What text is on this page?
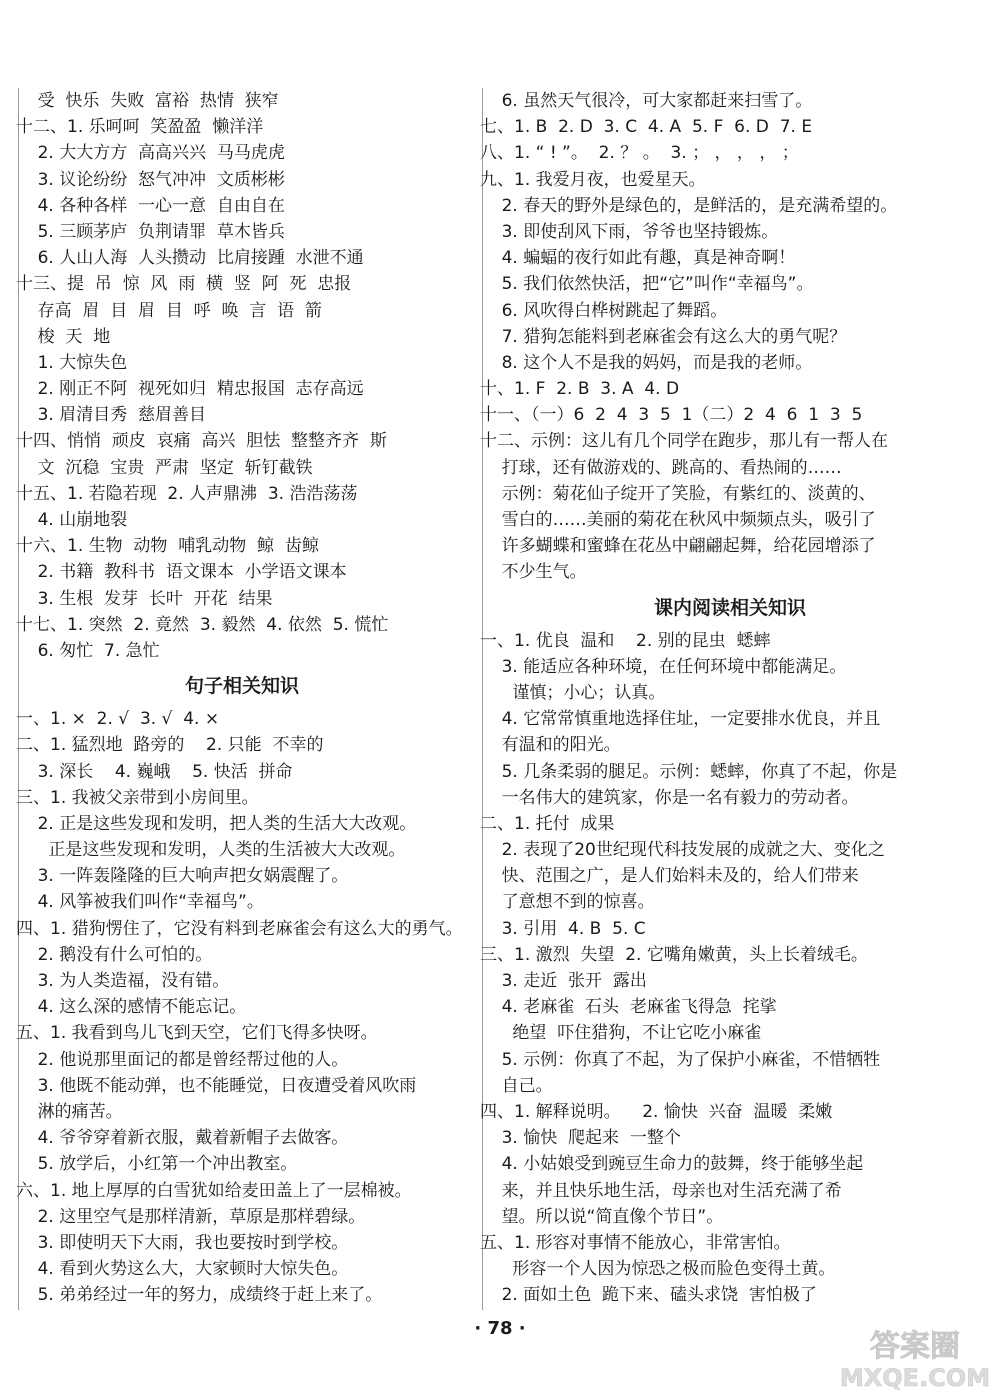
受  快乐  失败  富裕  热情  狭窄
十二、1. 乐呵呵  笑盈盈  懒洋洋
2. 大大方方  高高兴兴  马马虎虎
3. 议论纷纷  怒气冲冲  文质彬彬
4. 各种各样  一心一意  自由自在
5. 三顾茅庐  负荆请罪  草木皆兵
6. 人山人海  人头攒动  比肩接踵  水泄不通
十三、提  吊  惊  风  雨  横  竖  阿  死  忠报
存高  眉  目  眉  目  呼  唤  言  语  箭
梭  天  地
1. 大惊失色
2. 刚正不阿  视死如归  精忠报国  志存高远
3. 眉清目秀  慈眉善目
十四、悄悄  顽皮  哀痛  高兴  胆怯  整整齐齐  斯
文  沉稳  宝贵  严肃  坚定  斩钉截铁
十五、1. 若隐若现  2. 人声鼎沸  3. 浩浩荡荡
4. 山崩地裂
十六、1. 生物  动物  哺乳动物  鲸  齿鲸
2. 书籍  教科书  语文课本  小学语文课本
3. 生根  发芽  长叶  开花  结果
十七、1. 突然  2. 竟然  3. 毅然  4. 依然  5. 慌忙
6. 匆忙  7. 急忙
句子相关知识
一、1. ×  2. √  3. √  4. ×
二、1. 猛烈地  路旁的    2. 只能  不幸的
3. 深长    4. 巍峨    5. 快活  拼命
三、1. 我被父亲带到小房间里。
2. 正是这些发现和发明，把人类的生活大大改观。
正是这些发现和发明，人类的生活被大大改观。
3. 一阵轰隆隆的巨大响声把女娲震醒了。
4. 风筝被我们叫作“幸福鸟”。
四、1. 猎狗愣住了，它没有料到老麻雀会有这么大的勇气。
2. 鹅没有什么可怕的。
3. 为人类造福，没有错。
4. 这么深的感情不能忘记。
五、1. 我看到鸟儿飞到天空，它们飞得多快呀。
2. 他说那里面记的都是曾经帮过他的人。
3. 他既不能动弹，也不能睡觉，日夜遭受着风吹雨
淋的痛苦。
4. 爷爷穿着新衣服，戴着新帽子去做客。
5. 放学后，小红第一个冲出教室。
六、1. 地上厚厚的白雪犹如给麦田盖上了一层棉被。
2. 这里空气是那样清新，草原是那样碧绿。
3. 即使明天下大雨，我也要按时到学校。
4. 看到火势这么大，大家顿时大惊失色。
5. 弟弟经过一年的努力，成绩终于赶上来了。
6. 虽然天气很冷，可大家都赶来扫雪了。
七、1. B  2. D  3. C  4. A  5. F  6. D  7. E
八、1. “ ! ”。  2. ？ 。  3. ； ， ， ， ；
九、1. 我爱月夜，也爱星天。
2. 春天的野外是绿色的，是鲜活的，是充满希望的。
3. 即使刮风下雨，爷爷也坚持锻炼。
4. 蝙蝠的夜行如此有趣，真是神奇啊！
5. 我们依然快活，把“它”叫作“幸福鸟”。
6. 风吹得白桦树跳起了舞蹈。
7. 猎狗怎能料到老麻雀会有这么大的勇气呢？
8. 这个人不是我的妈妈，而是我的老师。
十、1. F  2. B  3. A  4. D
十一、（一）6  2  4  3  5  1（二）2  4  6  1  3  5
十二、示例：这儿有几个同学在跑步，那儿有一帮人在
打球，还有做游戏的、跳高的、看热闹的……
示例：菊花仙子绽开了笑脸，有紫红的、淡黄的、
雪白的……美丽的菊花在秋风中频频点头，吸引了
许多蝴蝶和蜜蜂在花丛中翩翩起舞，给花园增添了
不少生气。
课内阅读相关知识
一、1. 优良  温和    2. 别的昆虫  蟋蟀
3. 能适应各种环境，在任何环境中都能满足。
谨慎；小心；认真。
4. 它常常慎重地选择住址，一定要排水优良，并且
有温和的阳光。
5. 几条柔弱的腿足。示例：蟋蟀，你真了不起，你是
一名伟大的建筑家，你是一名有毅力的劳动者。
二、1. 托付  成果
2. 表现了20世纪现代科技发展的成就之大、变化之
快、范围之广，是人们始料未及的，给人们带来
了意想不到的惊喜。
3. 引用  4. B  5. C
三、1. 激烈  失望  2. 它嘴角嫩黄，头上长着绒毛。
3. 走近  张开  露出
4. 老麻雀  石头  老麻雀飞得急  挓挲
绝望  吓住猎狗，不让它吃小麻雀
5. 示例：你真了不起，为了保护小麻雀，不惜牺牲
自己。
四、1. 解释说明。    2. 愉快  兴奋  温暖  柔嫩
3. 愉快  爬起来  一整个
4. 小姑娘受到豌豆生命力的鼓舞，终于能够坐起
来，并且快乐地生活，母亲也对生活充满了希
望。所以说“简直像个节日”。
五、1. 形容对事情不能放心，非常害怕。
形容一个人因为惊恐之极而脸色变得土黄。
2. 面如土色  跪下来、磕头求饶  害怕极了
· 78 ·
答案圈
MXQE.COM
